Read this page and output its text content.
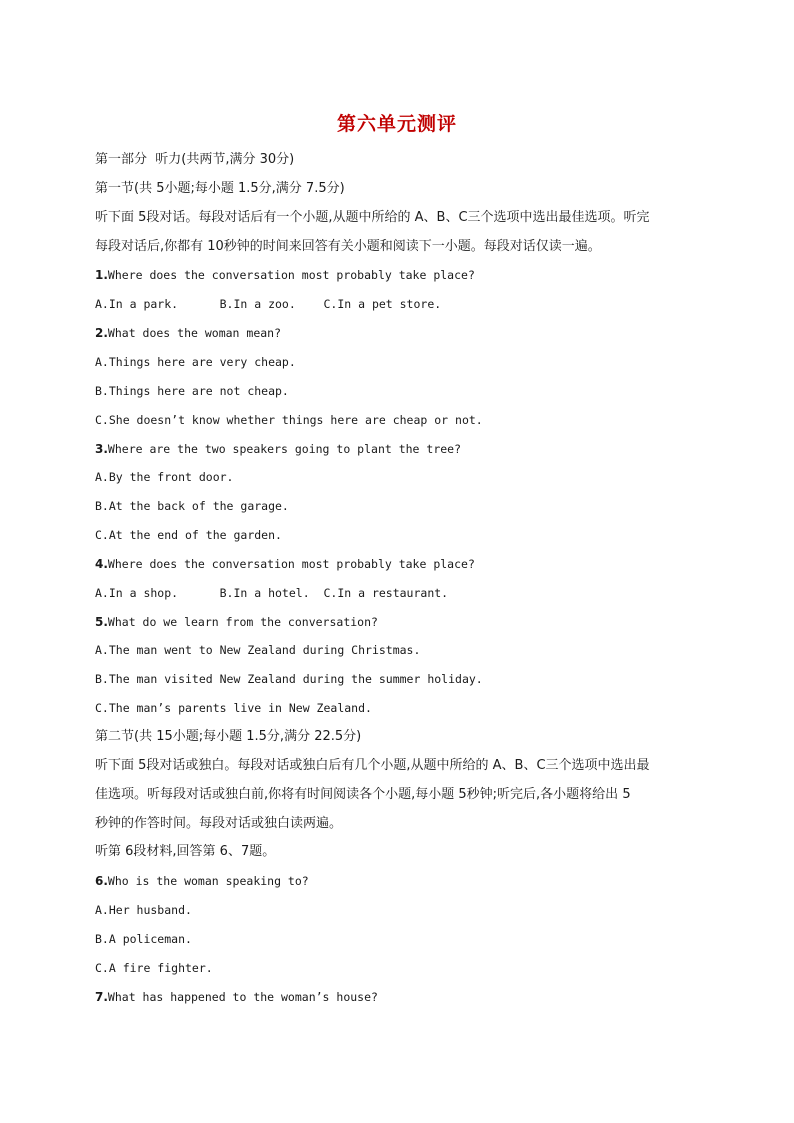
第六单元测评
第一部分  听力(共两节,满分 30分)
第一节(共 5小题;每小题 1.5分,满分 7.5分)
听下面 5段对话。每段对话后有一个小题,从题中所给的 A、B、C三个选项中选出最佳选项。听完
每段对话后,你都有 10秒钟的时间来回答有关小题和阅读下一小题。每段对话仅读一遍。
1.Where does the conversation most probably take place?
A.In a park.      B.In a zoo.    C.In a pet store.
2.What does the woman mean?
A.Things here are very cheap.
B.Things here are not cheap.
C.She doesn’t know whether things here are cheap or not.
3.Where are the two speakers going to plant the tree?
A.By the front door.
B.At the back of the garage.
C.At the end of the garden.
4.Where does the conversation most probably take place?
A.In a shop.      B.In a hotel.  C.In a restaurant.
5.What do we learn from the conversation?
A.The man went to New Zealand during Christmas.
B.The man visited New Zealand during the summer holiday.
C.The man’s parents live in New Zealand.
第二节(共 15小题;每小题 1.5分,满分 22.5分)
听下面 5段对话或独白。每段对话或独白后有几个小题,从题中所给的 A、B、C三个选项中选出最
佳选项。听每段对话或独白前,你将有时间阅读各个小题,每小题 5秒钟;听完后,各小题将给出 5
秒钟的作答时间。每段对话或独白读两遍。
听第 6段材料,回答第 6、7题。
6.Who is the woman speaking to?
A.Her husband.
B.A policeman.
C.A fire fighter.
7.What has happened to the woman’s house?
